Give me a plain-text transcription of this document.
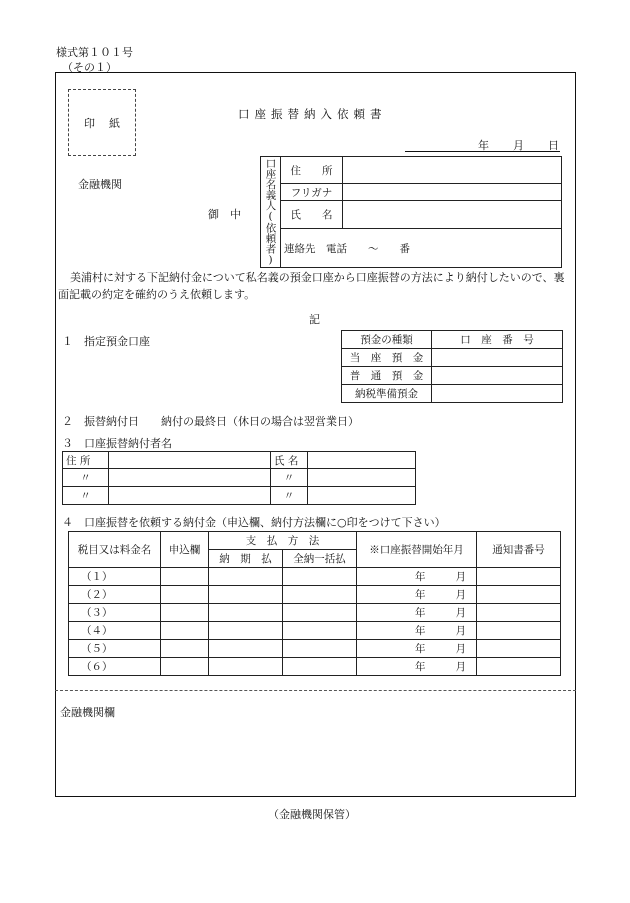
様式第１０１号
（その１）
印紙
口座振替納入依頼書
年 月 日
金融機関
御　中 口座名義人(依頼者)	住　　所	
	フリガナ	
	氏　　名	
	連絡先　電話　　～　　番	
美浦村に対する下記納付金について私名義の預金口座から口座振替の方法により納付したいので、裏面記載の約定を確約のうえ依頼します。
記
１　指定預金口座	預金の種類	口　座　番　号
当　座　預　金	
普　通　預　金	
納税準備預金	
２　振替納付日　　納付の最終日（休日の場合は翌営業日）
３　口座振替納付者名
住 所		氏 名	
〃		〃	
〃		〃	
４　口座振替を依頼する納付金（申込欄、納付方法欄に○印をつけて下さい）
税目又は料金名	申込欄	支　払　方　法		※口座振替開始年月	通知書番号
		納　期　払	全納一括払		
（１）				年 月	
（２）				年 月	
（３）				年 月	
（４）				年 月	
（５）				年 月	
（６）				年 月	
金融機関欄
（金融機関保管）
